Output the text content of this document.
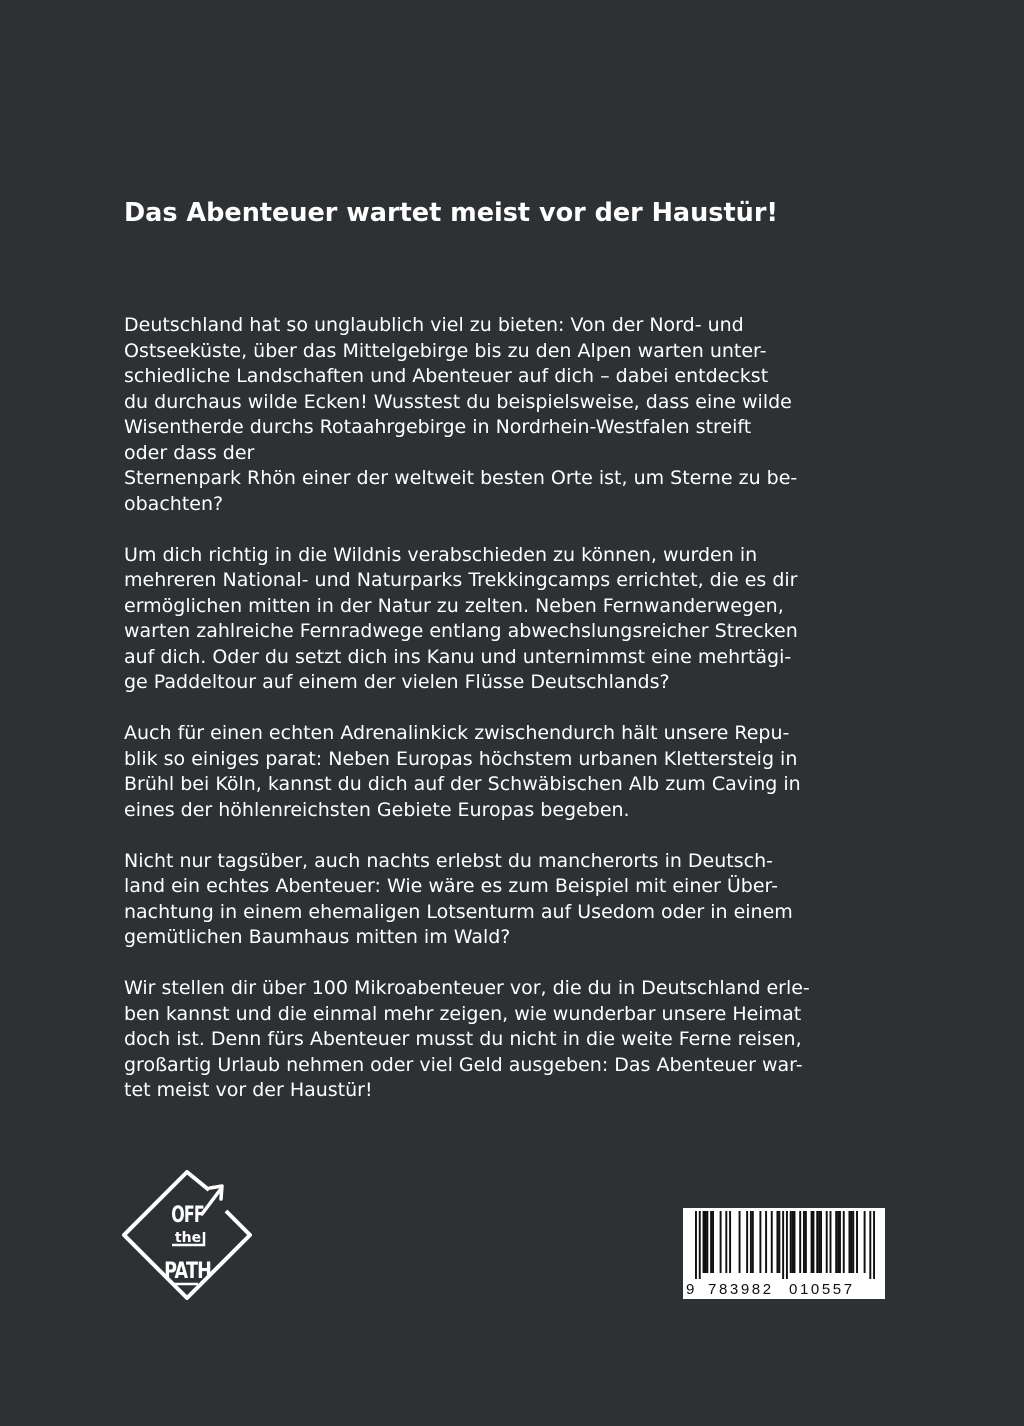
Das Abenteuer wartet meist vor der Haustür!

Deutschland hat so unglaublich viel zu bieten: Von der Nord- und
Ostseeküste, über das Mittelgebirge bis zu den Alpen warten unter-
schiedliche Landschaften und Abenteuer auf dich – dabei entdeckst
du durchaus wilde Ecken! Wusstest du beispielsweise, dass eine wilde
Wisentherde durchs Rotaahrgebirge in Nordrhein-Westfalen streift
oder dass der
Sternenpark Rhön einer der weltweit besten Orte ist, um Sterne zu be-
obachten?

Um dich richtig in die Wildnis verabschieden zu können, wurden in
mehreren National- und Naturparks Trekkingcamps errichtet, die es dir
ermöglichen mitten in der Natur zu zelten. Neben Fernwanderwegen,
warten zahlreiche Fernradwege entlang abwechslungsreicher Strecken
auf dich. Oder du setzt dich ins Kanu und unternimmst eine mehrtägi-
ge Paddeltour auf einem der vielen Flüsse Deutschlands?

Auch für einen echten Adrenalinkick zwischendurch hält unsere Repu-
blik so einiges parat: Neben Europas höchstem urbanen Klettersteig in
Brühl bei Köln, kannst du dich auf der Schwäbischen Alb zum Caving in
eines der höhlenreichsten Gebiete Europas begeben.

Nicht nur tagsüber, auch nachts erlebst du mancherorts in Deutsch-
land ein echtes Abenteuer: Wie wäre es zum Beispiel mit einer Über-
nachtung in einem ehemaligen Lotsenturm auf Usedom oder in einem
gemütlichen Baumhaus mitten im Wald?

Wir stellen dir über 100 Mikroabenteuer vor, die du in Deutschland erle-
ben kannst und die einmal mehr zeigen, wie wunderbar unsere Heimat
doch ist. Denn fürs Abenteuer musst du nicht in die weite Ferne reisen,
großartig Urlaub nehmen oder viel Geld ausgeben: Das Abenteuer war-
tet meist vor der Haustür!

OFF
the
PATH
9 783982 010557
